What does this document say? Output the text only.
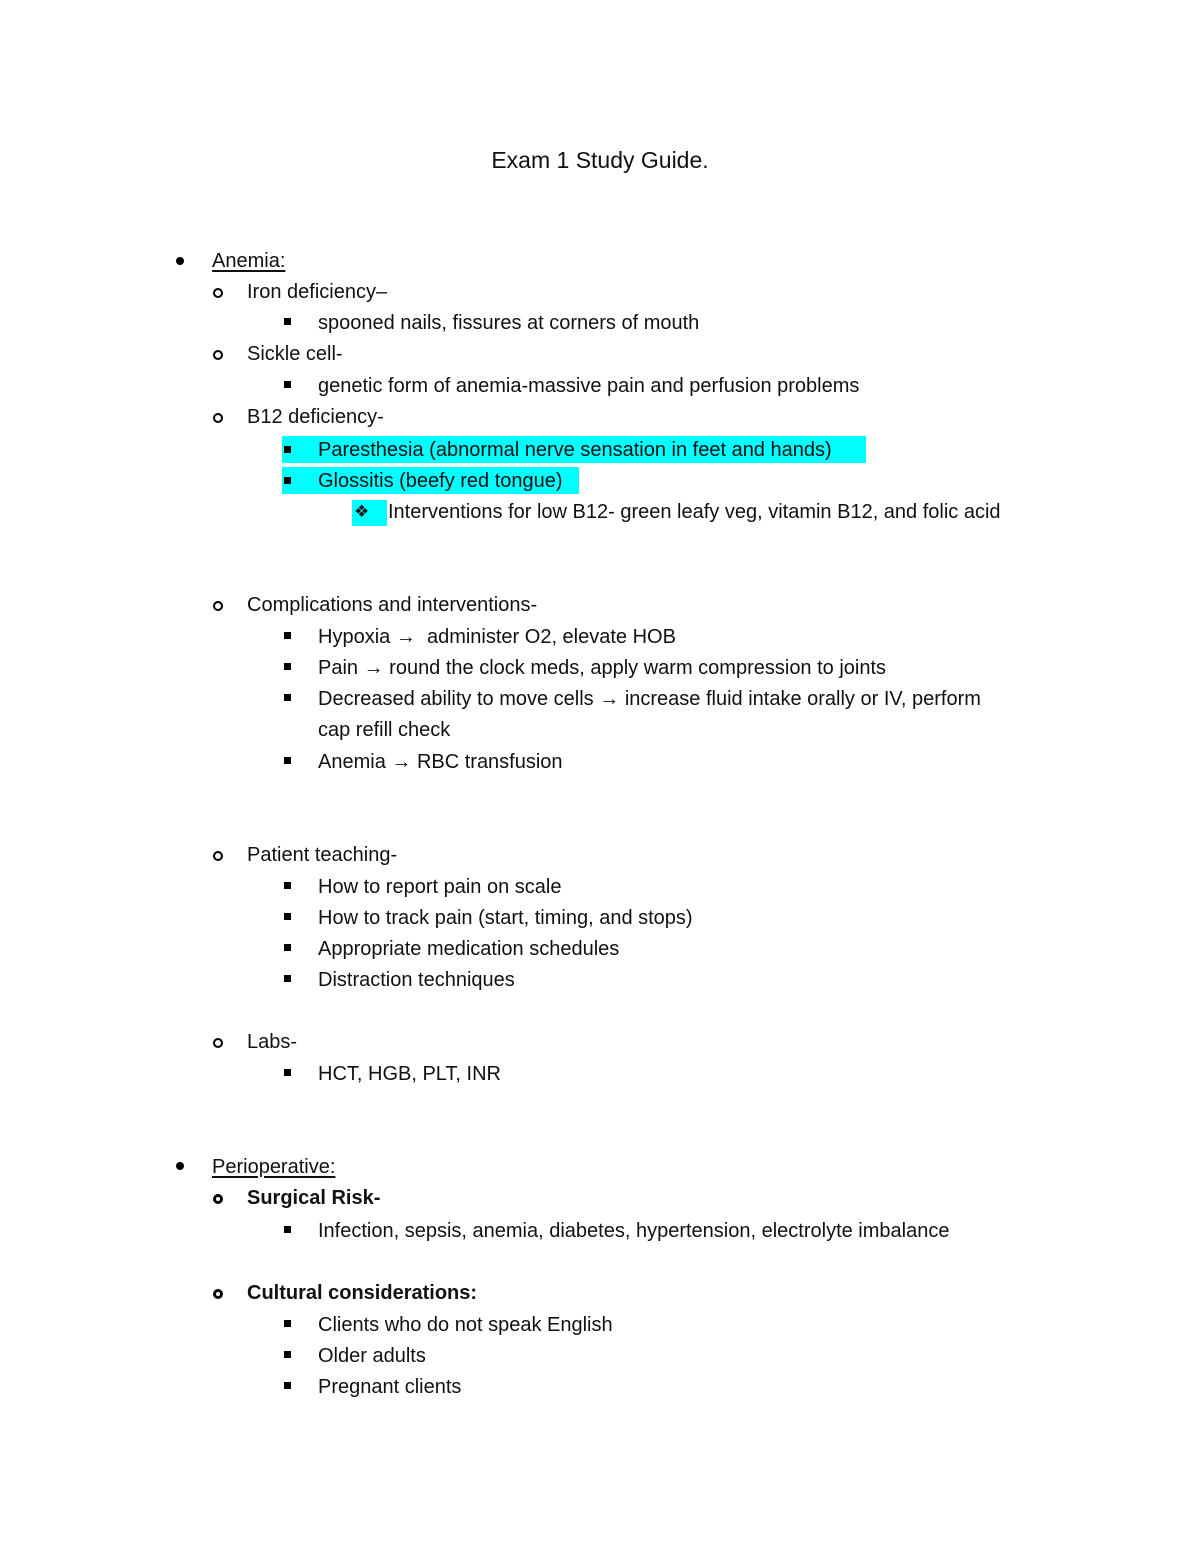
Exam 1 Study Guide.
Anemia:
Iron deficiency–
spooned nails, fissures at corners of mouth
Sickle cell-
genetic form of anemia-massive pain and perfusion problems
B12 deficiency-
Paresthesia (abnormal nerve sensation in feet and hands)
Glossitis (beefy red tongue)
❖ Interventions for low B12- green leafy veg, vitamin B12, and folic acid
Complications and interventions-
Hypoxia → administer O2, elevate HOB
Pain → round the clock meds, apply warm compression to joints
Decreased ability to move cells → increase fluid intake orally or IV, perform
cap refill check
Anemia → RBC transfusion
Patient teaching-
How to report pain on scale
How to track pain (start, timing, and stops)
Appropriate medication schedules
Distraction techniques
Labs-
HCT, HGB, PLT, INR
Perioperative:
Surgical Risk-
Infection, sepsis, anemia, diabetes, hypertension, electrolyte imbalance
Cultural considerations:
Clients who do not speak English
Older adults
Pregnant clients
